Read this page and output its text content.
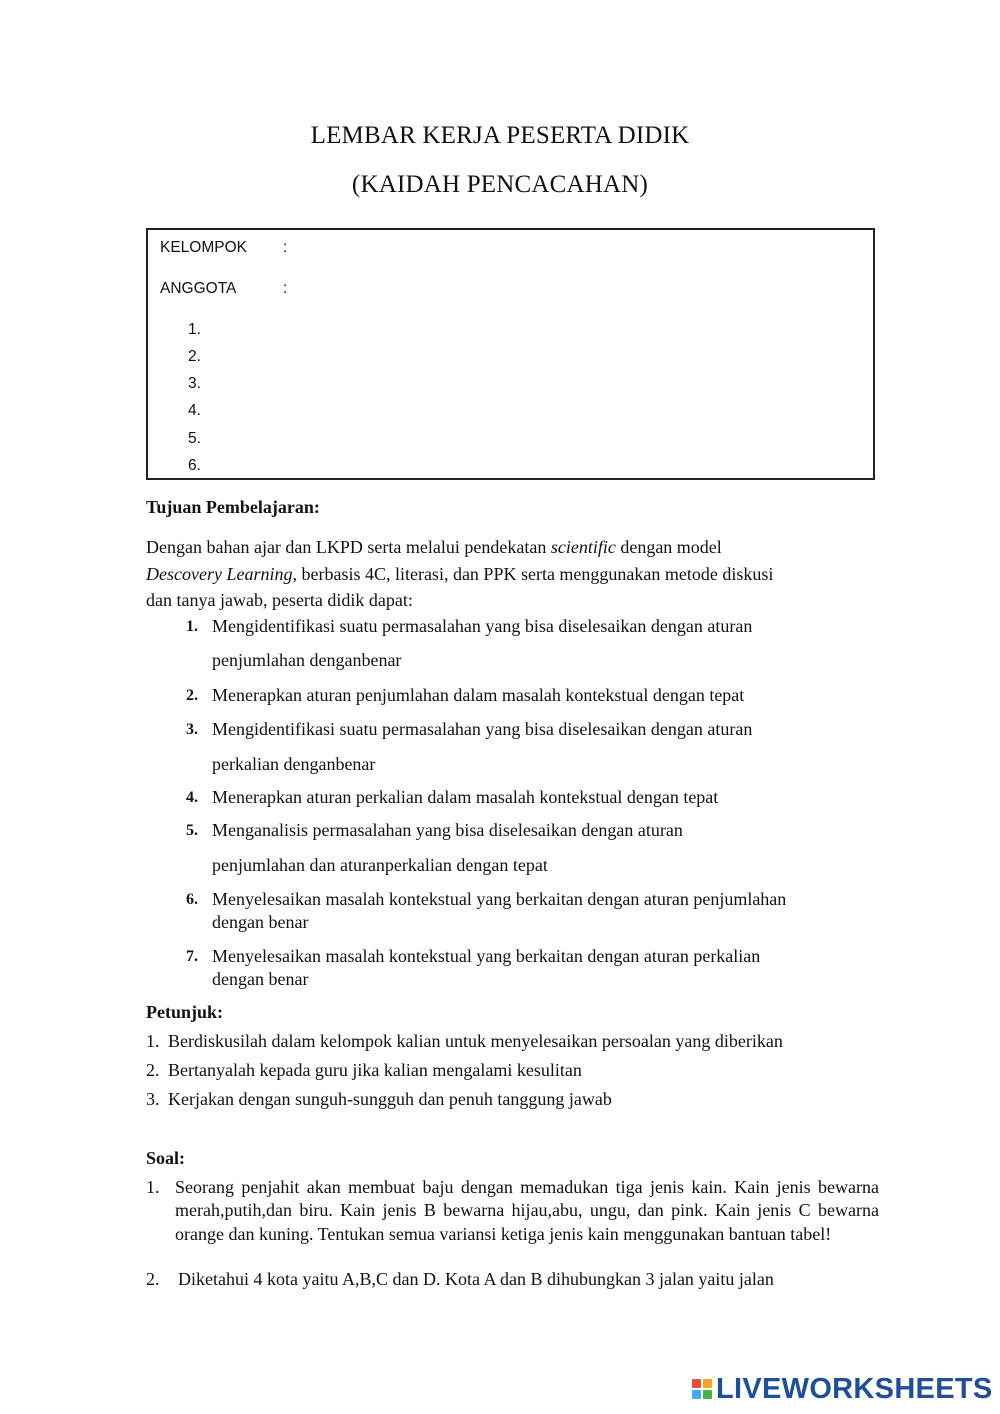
LEMBAR KERJA PESERTA DIDIK
(KAIDAH PENCACAHAN)
KELOMPOK :
ANGGOTA	:
1.
2.
3.
4.
5.
6.
Tujuan Pembelajaran:
Dengan bahan ajar dan LKPD serta melalui pendekatan scientific dengan model
Descovery Learning, berbasis 4C, literasi, dan PPK serta menggunakan metode diskusi
dan tanya jawab, peserta didik dapat:
1. Mengidentifikasi suatu permasalahan yang bisa diselesaikan dengan aturan
penjumlahan denganbenar
2. Menerapkan aturan penjumlahan dalam masalah kontekstual dengan tepat
3. Mengidentifikasi suatu permasalahan yang bisa diselesaikan dengan aturan
perkalian denganbenar
4. Menerapkan aturan perkalian dalam masalah kontekstual dengan tepat
5. Menganalisis permasalahan yang bisa diselesaikan dengan aturan
penjumlahan dan aturanperkalian dengan tepat
6. Menyelesaikan masalah kontekstual yang berkaitan dengan aturan penjumlahan
dengan benar
7. Menyelesaikan masalah kontekstual yang berkaitan dengan aturan perkalian
dengan benar
Petunjuk:
1. Berdiskusilah dalam kelompok kalian untuk menyelesaikan persoalan yang diberikan
2. Bertanyalah kepada guru jika kalian mengalami kesulitan
3. Kerjakan dengan sunguh-sungguh dan penuh tanggung jawab
Soal:
1. Seorang penjahit akan membuat baju dengan memadukan tiga jenis kain. Kain jenis bewarna merah,putih,dan biru. Kain jenis B bewarna hijau,abu, ungu, dan pink. Kain jenis C bewarna orange dan kuning. Tentukan semua variansi ketiga jenis kain menggunakan bantuan tabel!
2. Diketahui 4 kota yaitu A,B,C dan D. Kota A dan B dihubungkan 3 jalan yaitu jalan
LIVEWORKSHEETS
